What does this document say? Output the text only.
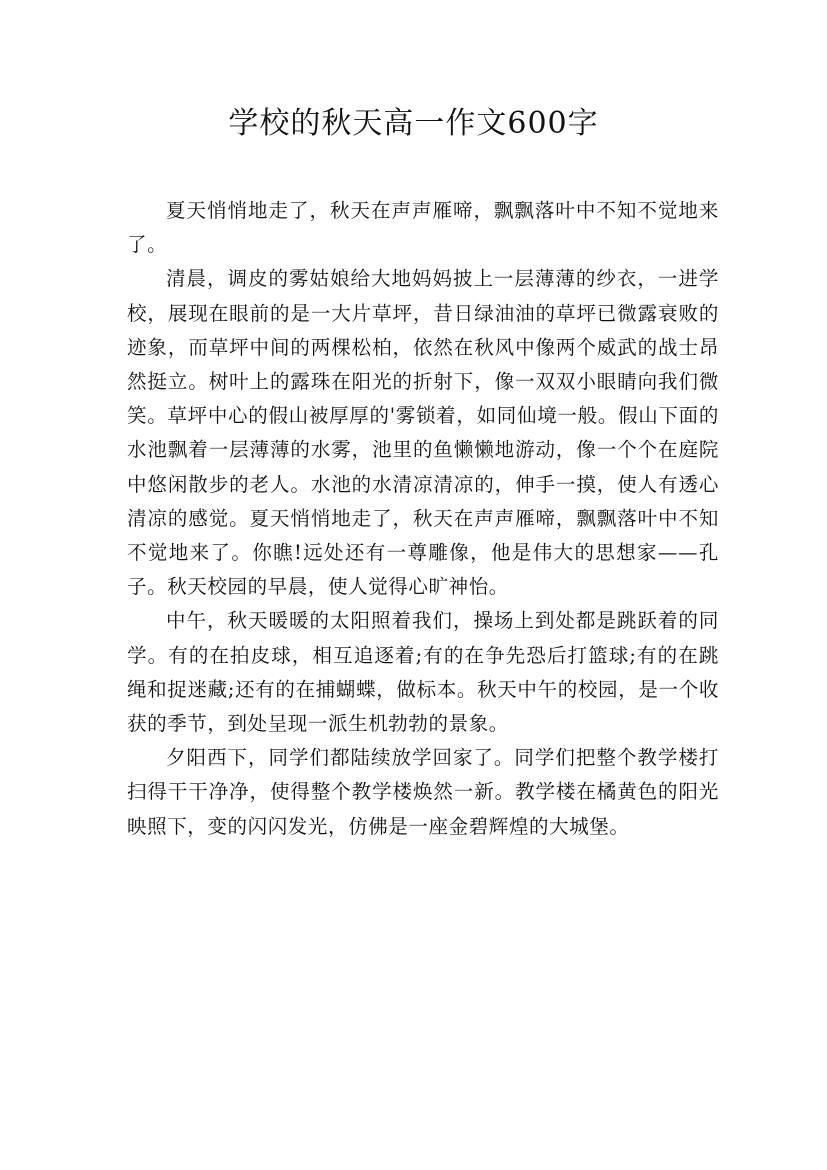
学校的秋天高一作文600字

夏天悄悄地走了，秋天在声声雁啼，飘飘落叶中不知不觉地来了。

清晨，调皮的雾姑娘给大地妈妈披上一层薄薄的纱衣，一进学校，展现在眼前的是一大片草坪，昔日绿油油的草坪已微露衰败的迹象，而草坪中间的两棵松柏，依然在秋风中像两个威武的战士昂然挺立。树叶上的露珠在阳光的折射下，像一双双小眼睛向我们微笑。草坪中心的假山被厚厚的'雾锁着，如同仙境一般。假山下面的水池飘着一层薄薄的水雾，池里的鱼懒懒地游动，像一个个在庭院中悠闲散步的老人。水池的水清凉清凉的，伸手一摸，使人有透心清凉的感觉。夏天悄悄地走了，秋天在声声雁啼，飘飘落叶中不知不觉地来了。你瞧!远处还有一尊雕像，他是伟大的思想家——孔子。秋天校园的早晨，使人觉得心旷神怡。

中午，秋天暖暖的太阳照着我们，操场上到处都是跳跃着的同学。有的在拍皮球，相互追逐着;有的在争先恐后打篮球;有的在跳绳和捉迷藏;还有的在捕蝴蝶，做标本。秋天中午的校园，是一个收获的季节，到处呈现一派生机勃勃的景象。

夕阳西下，同学们都陆续放学回家了。同学们把整个教学楼打扫得干干净净，使得整个教学楼焕然一新。教学楼在橘黄色的阳光映照下，变的闪闪发光，仿佛是一座金碧辉煌的大城堡。
